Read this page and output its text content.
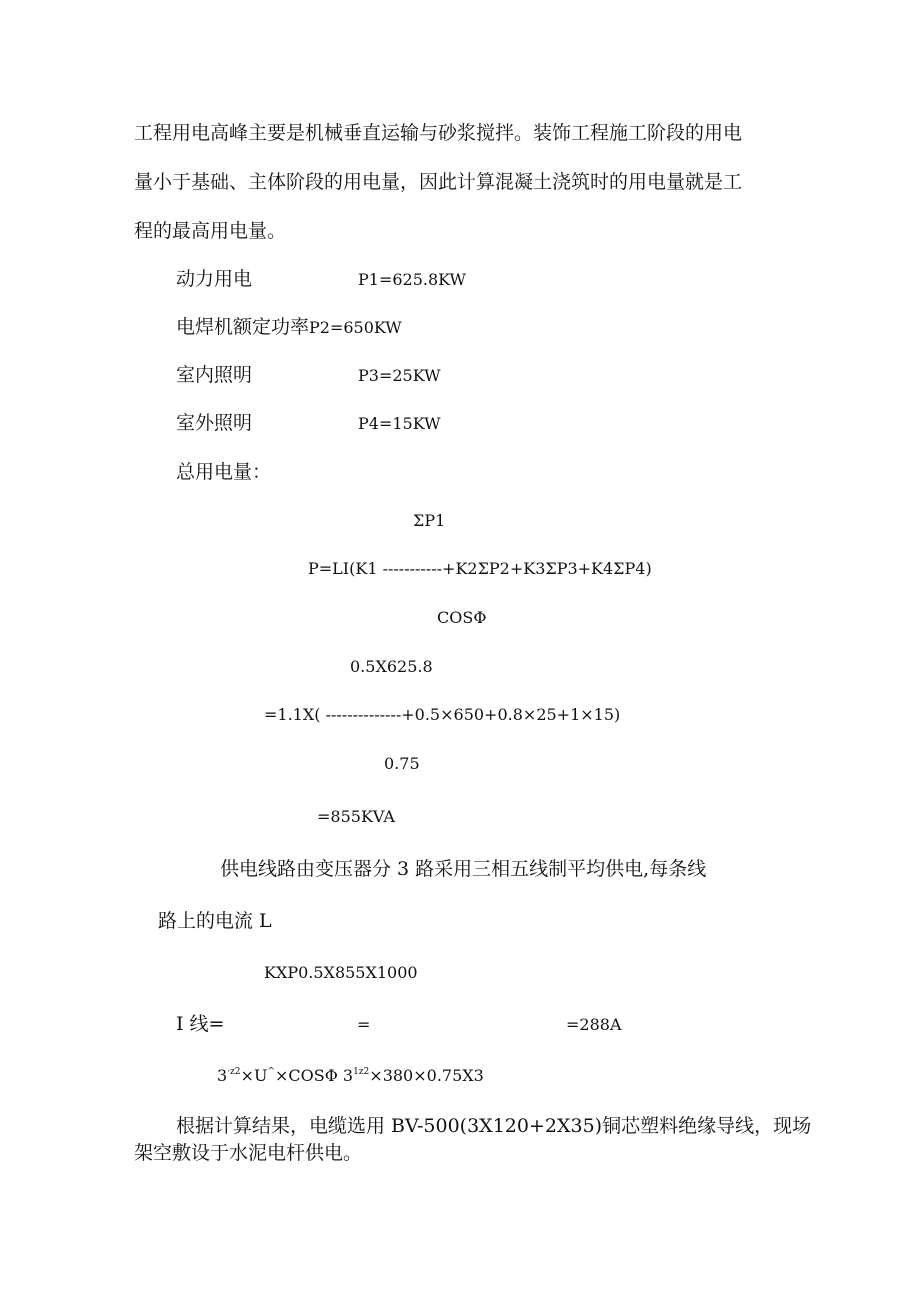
工程用电高峰主要是机械垂直运输与砂浆搅拌。装饰工程施工阶段的用电
量小于基础、主体阶段的用电量，因此计算混凝土浇筑时的用电量就是工
程的最高用电量。
动力用电	P1=625.8KW
电焊机额定功率P2=650KW
室内照明	P3=25KW
室外照明	P4=15KW
总用电量：
ΣP1
P=LI(K1 -----------+K2ΣP2+K3ΣP3+K4ΣP4)
COSΦ
0.5X625.8
=1.1X( --------------+0.5×650+0.8×25+1×15)
0.75
=855KVA
供电线路由变压器分 3 路采用三相五线制平均供电,每条线
路上的电流 L
KXP0.5X855X1000
I 线=	=	=288A
$3^{\cdot z2}\times U^{\^{}}\times COS\Phi$ $3^{1z2}\times 380\times 0.75X3$
根据计算结果，电缆选用 BV-500(3X120+2X35)铜芯塑料绝缘导线，现场
架空敷设于水泥电杆供电。
